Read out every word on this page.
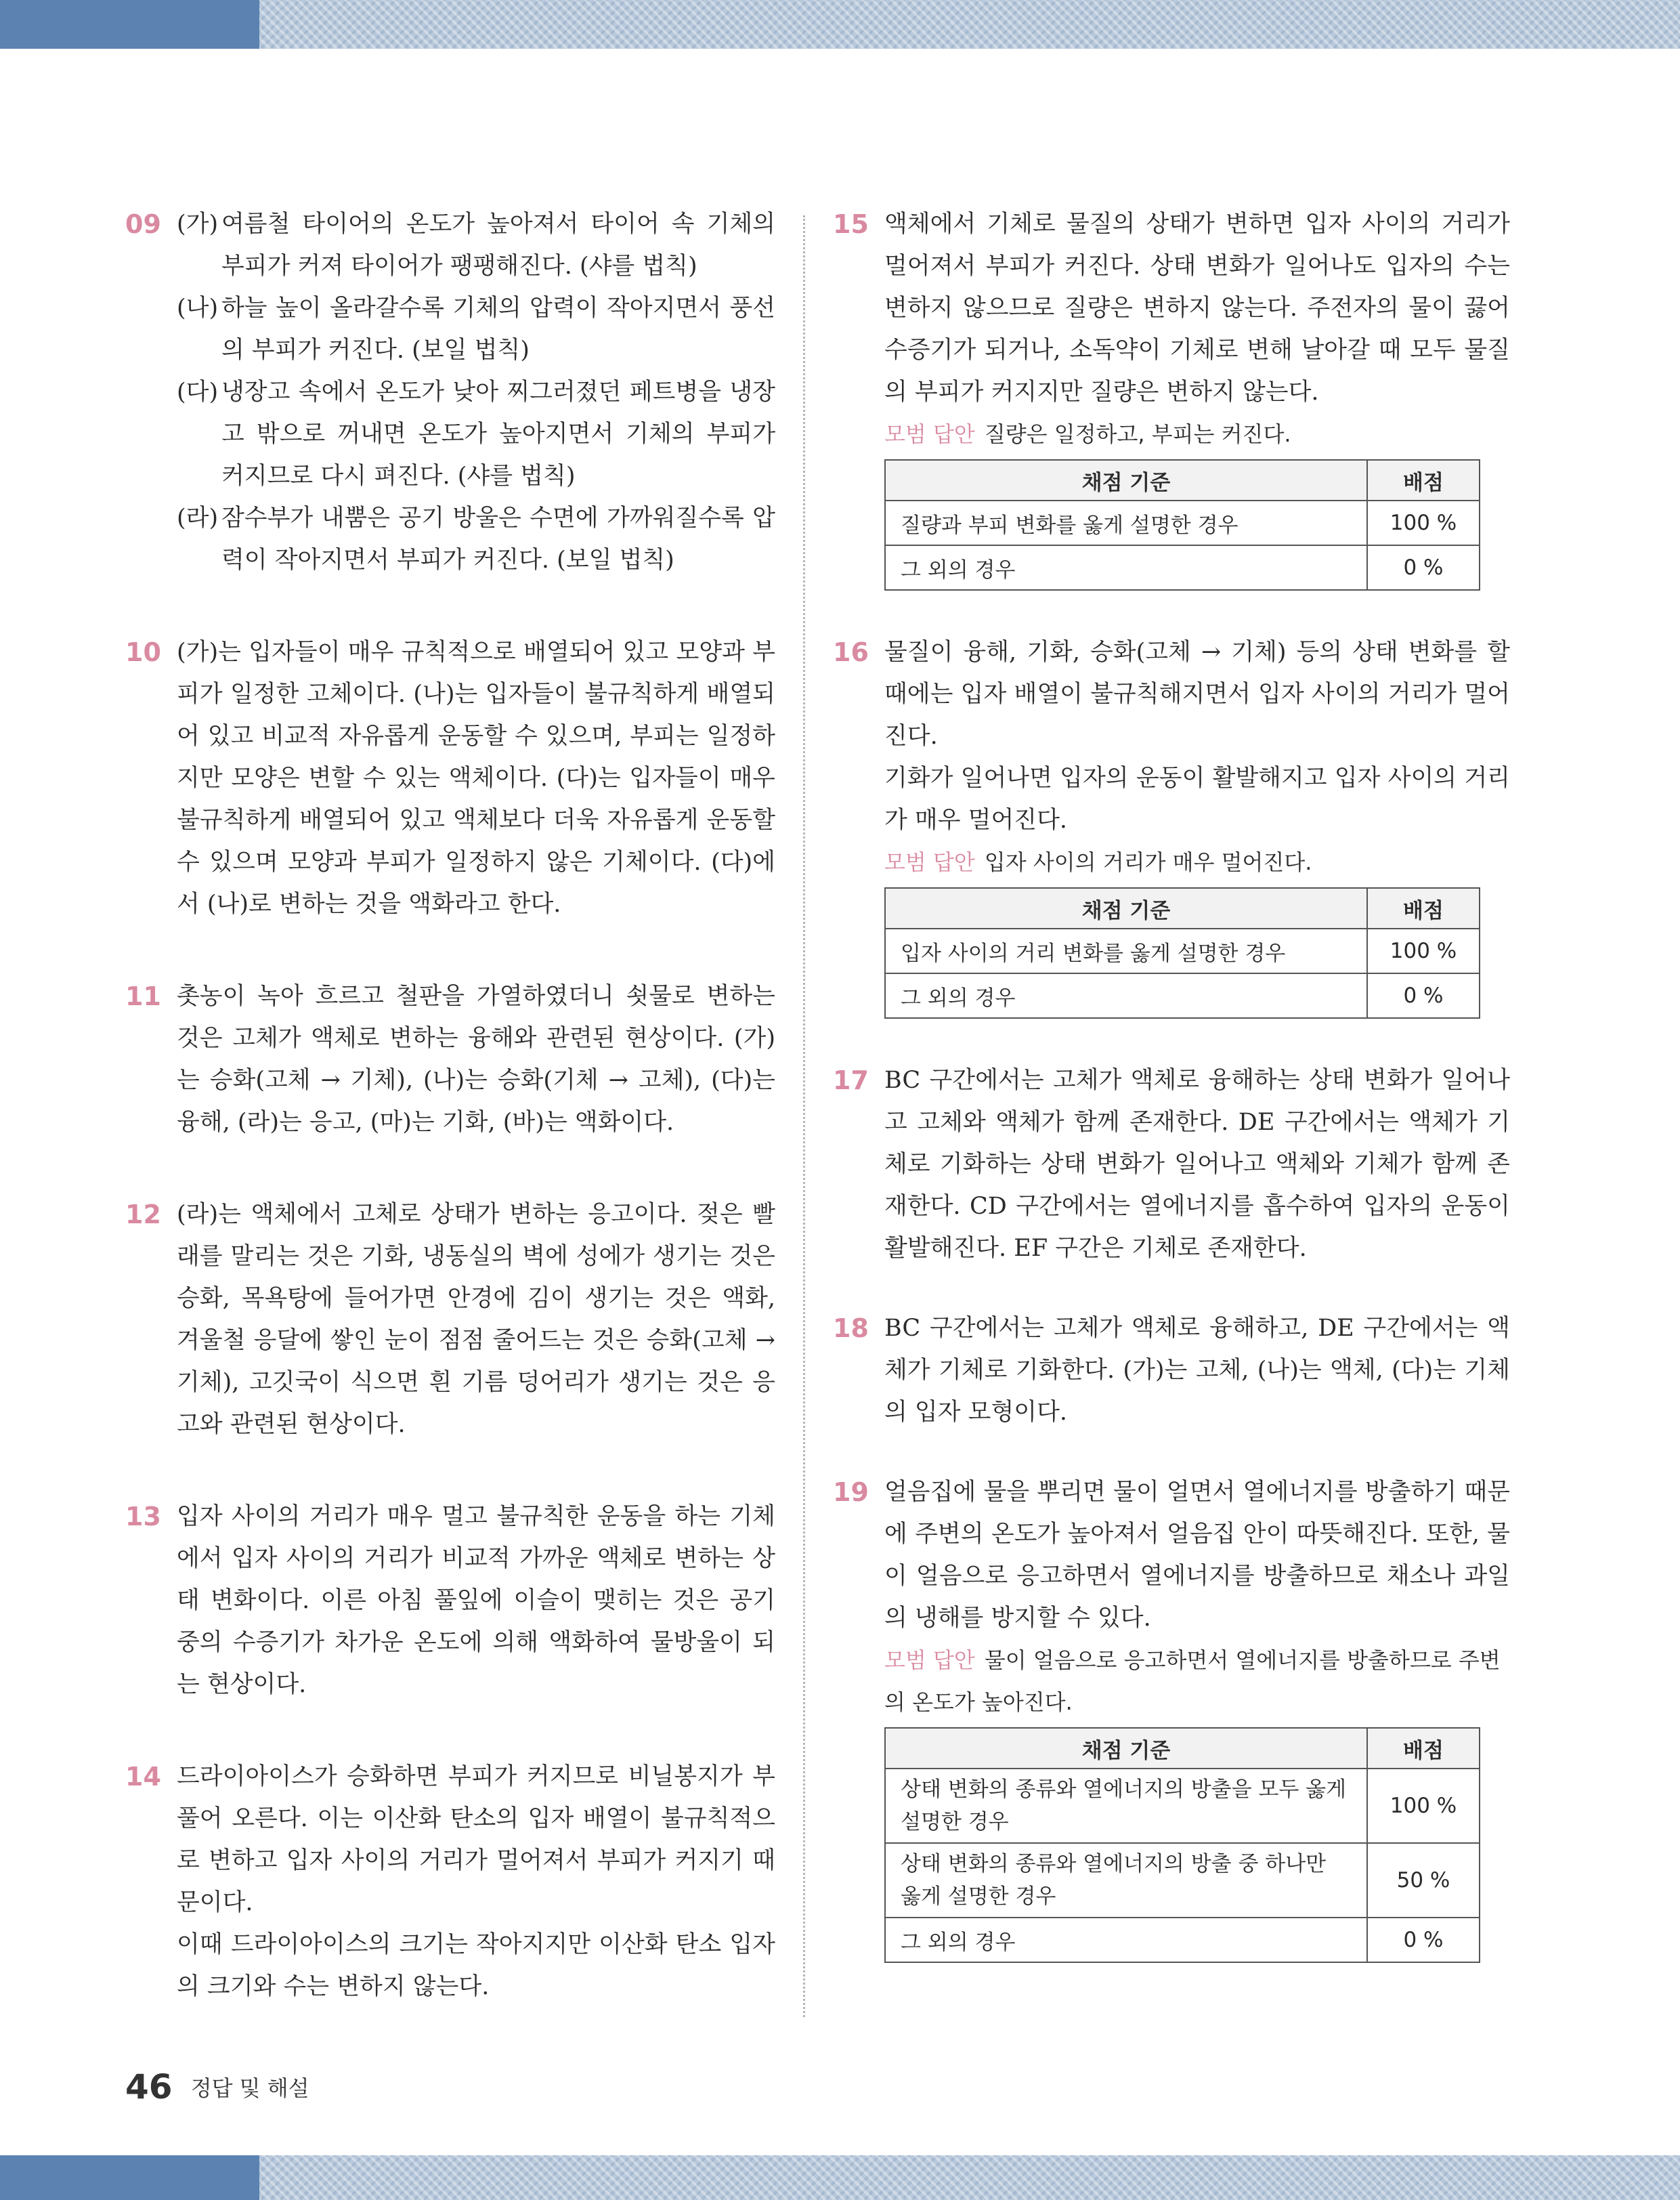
09 (가) 여름철 타이어의 온도가 높아져서 타이어 속 기체의 부피가 커져 타이어가 팽팽해진다. (샤를 법칙)

(나) 하늘 높이 올라갈수록 기체의 압력이 작아지면서 풍선의 부피가 커진다. (보일 법칙)

(다) 냉장고 속에서 온도가 낮아 찌그러졌던 페트병을 냉장고 밖으로 꺼내면 온도가 높아지면서 기체의 부피가 커지므로 다시 펴진다. (샤를 법칙)

(라) 잠수부가 내뿜은 공기 방울은 수면에 가까워질수록 압력이 작아지면서 부피가 커진다. (보일 법칙)

10 (가)는 입자들이 매우 규칙적으로 배열되어 있고 모양과 부피가 일정한 고체이다. (나)는 입자들이 불규칙하게 배열되어 있고 비교적 자유롭게 운동할 수 있으며, 부피는 일정하지만 모양은 변할 수 있는 액체이다. (다)는 입자들이 매우 불규칙하게 배열되어 있고 액체보다 더욱 자유롭게 운동할 수 있으며 모양과 부피가 일정하지 않은 기체이다. (다)에서 (나)로 변하는 것을 액화라고 한다.

11 촛농이 녹아 흐르고 철판을 가열하였더니 쇳물로 변하는 것은 고체가 액체로 변하는 융해와 관련된 현상이다. (가)는 승화(고체 → 기체), (나)는 승화(기체 → 고체), (다)는 융해, (라)는 응고, (마)는 기화, (바)는 액화이다.

12 (라)는 액체에서 고체로 상태가 변하는 응고이다. 젖은 빨래를 말리는 것은 기화, 냉동실의 벽에 성에가 생기는 것은 승화, 목욕탕에 들어가면 안경에 김이 생기는 것은 액화, 겨울철 응달에 쌓인 눈이 점점 줄어드는 것은 승화(고체 → 기체), 고깃국이 식으면 흰 기름 덩어리가 생기는 것은 응고와 관련된 현상이다.

13 입자 사이의 거리가 매우 멀고 불규칙한 운동을 하는 기체에서 입자 사이의 거리가 비교적 가까운 액체로 변하는 상태 변화이다. 이른 아침 풀잎에 이슬이 맺히는 것은 공기 중의 수증기가 차가운 온도에 의해 액화하여 물방울이 되는 현상이다.

14 드라이아이스가 승화하면 부피가 커지므로 비닐봉지가 부풀어 오른다. 이는 이산화 탄소의 입자 배열이 불규칙적으로 변하고 입자 사이의 거리가 멀어져서 부피가 커지기 때문이다.

이때 드라이아이스의 크기는 작아지지만 이산화 탄소 입자의 크기와 수는 변하지 않는다.

15 액체에서 기체로 물질의 상태가 변하면 입자 사이의 거리가 멀어져서 부피가 커진다. 상태 변화가 일어나도 입자의 수는 변하지 않으므로 질량은 변하지 않는다. 주전자의 물이 끓어 수증기가 되거나, 소독약이 기체로 변해 날아갈 때 모두 물질의 부피가 커지지만 질량은 변하지 않는다.

모범 답안 질량은 일정하고, 부피는 커진다.
채점 기준	배점
질량과 부피 변화를 옳게 설명한 경우	100 %
그 외의 경우	0 %
16 물질이 융해, 기화, 승화(고체 → 기체) 등의 상태 변화를 할 때에는 입자 배열이 불규칙해지면서 입자 사이의 거리가 멀어진다.

기화가 일어나면 입자의 운동이 활발해지고 입자 사이의 거리가 매우 멀어진다.

모범 답안 입자 사이의 거리가 매우 멀어진다.
채점 기준	배점
입자 사이의 거리 변화를 옳게 설명한 경우	100 %
그 외의 경우	0 %
17 BC 구간에서는 고체가 액체로 융해하는 상태 변화가 일어나고 고체와 액체가 함께 존재한다. DE 구간에서는 액체가 기체로 기화하는 상태 변화가 일어나고 액체와 기체가 함께 존재한다. CD 구간에서는 열에너지를 흡수하여 입자의 운동이 활발해진다. EF 구간은 기체로 존재한다.

18 BC 구간에서는 고체가 액체로 융해하고, DE 구간에서는 액체가 기체로 기화한다. (가)는 고체, (나)는 액체, (다)는 기체의 입자 모형이다.

19 얼음집에 물을 뿌리면 물이 얼면서 열에너지를 방출하기 때문에 주변의 온도가 높아져서 얼음집 안이 따뜻해진다. 또한, 물이 얼음으로 응고하면서 열에너지를 방출하므로 채소나 과일의 냉해를 방지할 수 있다.

모범 답안 물이 얼음으로 응고하면서 열에너지를 방출하므로 주변의 온도가 높아진다.
채점 기준	배점
상태 변화의 종류와 열에너지의 방출을 모두 옳게 설명한 경우	100 %
상태 변화의 종류와 열에너지의 방출 중 하나만 옳게 설명한 경우	50 %
그 외의 경우	0 %
46 정답 및 해설
